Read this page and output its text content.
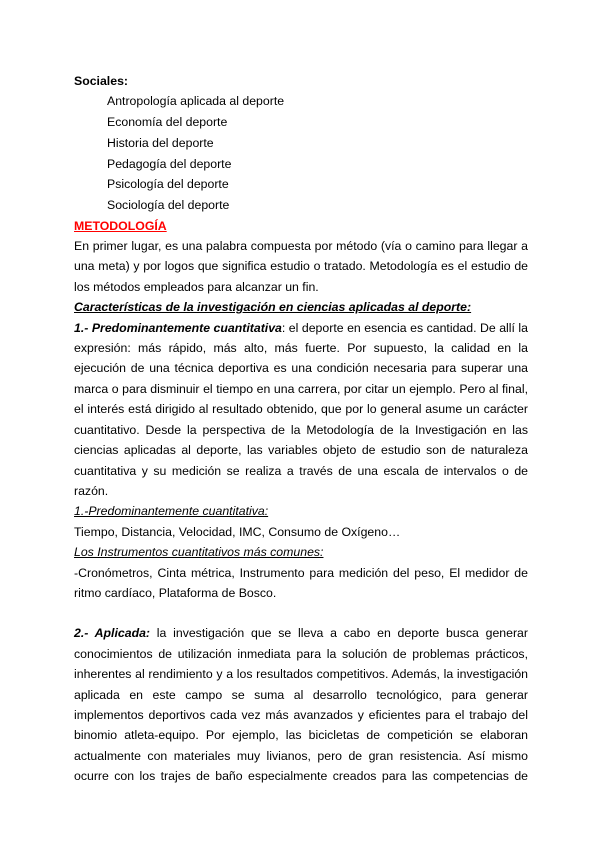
Sociales:
Antropología aplicada al deporte
Economía del deporte
Historia del deporte
Pedagogía del deporte
Psicología del deporte
Sociología del deporte
METODOLOGÍA
En primer lugar, es una palabra compuesta por método (vía o camino para llegar a una meta) y por logos que significa estudio o tratado. Metodología es el estudio de los métodos empleados para alcanzar un fin.
Características de la investigación en ciencias aplicadas al deporte:
1.- Predominantemente cuantitativa: el deporte en esencia es cantidad. De allí la expresión: más rápido, más alto, más fuerte. Por supuesto, la calidad en la ejecución de una técnica deportiva es una condición necesaria para superar una marca o para disminuir el tiempo en una carrera, por citar un ejemplo. Pero al final, el interés está dirigido al resultado obtenido, que por lo general asume un carácter cuantitativo. Desde la perspectiva de la Metodología de la Investigación en las ciencias aplicadas al deporte, las variables objeto de estudio son de naturaleza cuantitativa y su medición se realiza a través de una escala de intervalos o de razón.
1.-Predominantemente cuantitativa:
Tiempo, Distancia, Velocidad, IMC, Consumo de Oxígeno…
Los Instrumentos cuantitativos más comunes:
-Cronómetros, Cinta métrica, Instrumento para medición del peso, El medidor de ritmo cardíaco, Plataforma de Bosco.
2.- Aplicada: la investigación que se lleva a cabo en deporte busca generar conocimientos de utilización inmediata para la solución de problemas prácticos, inherentes al rendimiento y a los resultados competitivos. Además, la investigación aplicada en este campo se suma al desarrollo tecnológico, para generar implementos deportivos cada vez más avanzados y eficientes para el trabajo del binomio atleta-equipo. Por ejemplo, las bicicletas de competición se elaboran actualmente con materiales muy livianos, pero de gran resistencia. Así mismo ocurre con los trajes de baño especialmente creados para las competencias de
